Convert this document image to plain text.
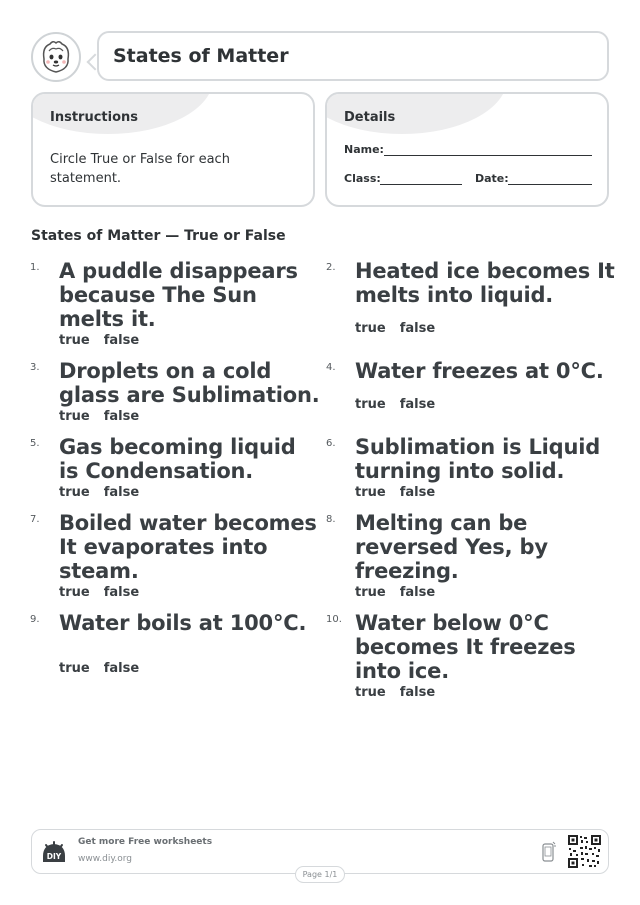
States of Matter
Instructions
Circle True or False for each statement.
Details
Name:
Class:	Date:
States of Matter — True or False
1. A puddle disappears
because The Sun
melts it.
true false
2. Heated ice becomes It
melts into liquid.
true false
3. Droplets on a cold
glass are Sublimation.
true false
4. Water freezes at 0°C.
true false
5. Gas becoming liquid
is Condensation.
true false
6. Sublimation is Liquid
turning into solid.
true false
7. Boiled water becomes
It evaporates into
steam.
true false
8. Melting can be
reversed Yes, by
freezing.
true false
9. Water boils at 100°C.
true false
10. Water below 0°C
becomes It freezes
into ice.
true false
DIY
Get more Free worksheets
www.diy.org
Page 1/1
